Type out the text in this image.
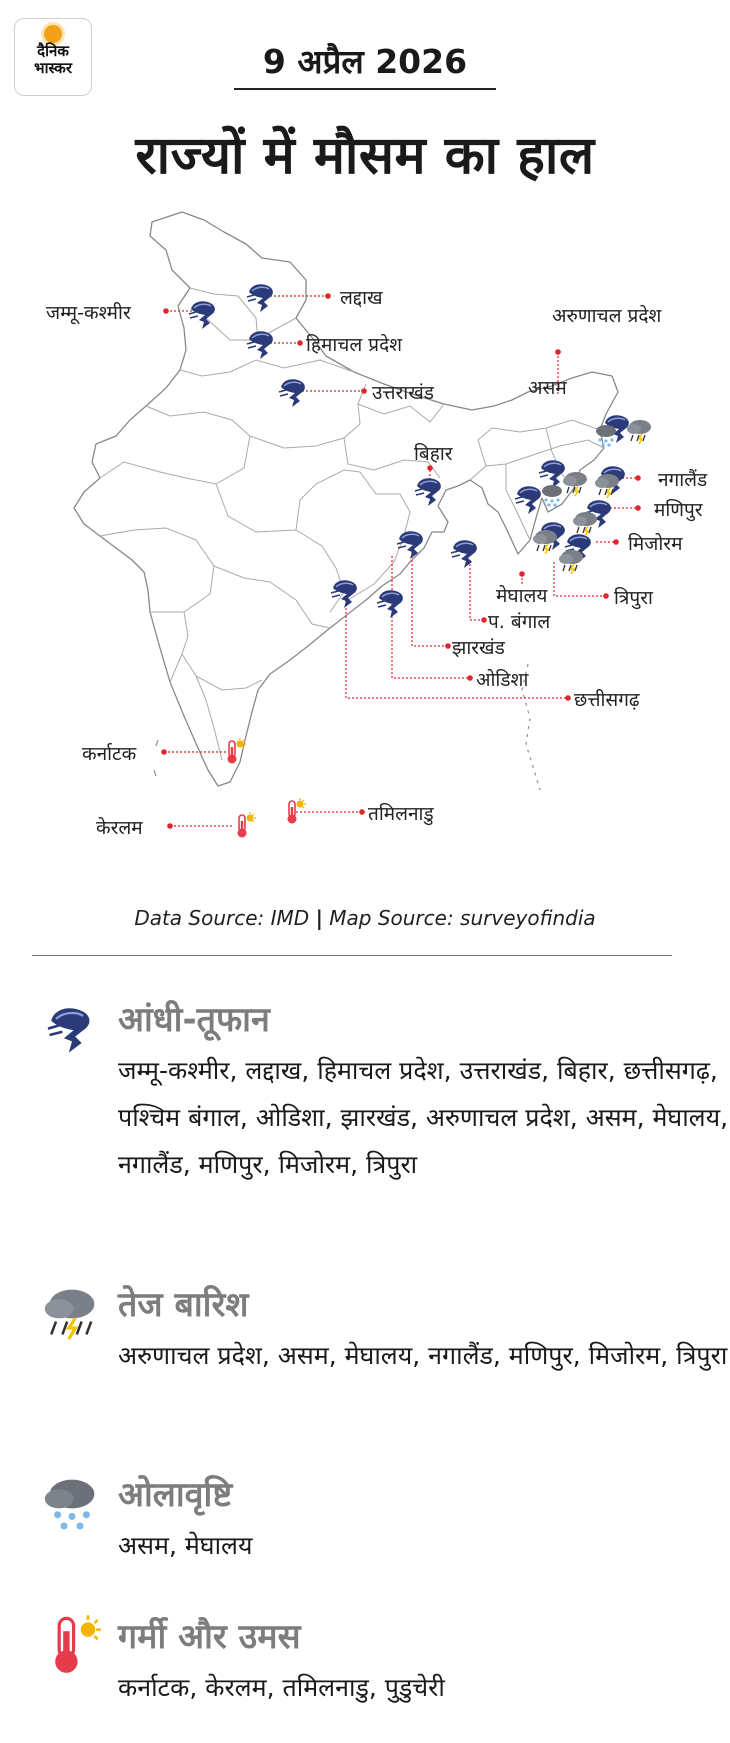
दैनिक
भास्कर	9 अप्रैल 2026
राज्यों में मौसम का हाल
जम्मू-कश्मीर
लद्दाख
हिमाचल प्रदेश
उत्तराखंड
बिहार
असम
अरुणाचल प्रदेश
नगालैंड
मणिपुर
मिजोरम
त्रिपुरा
मेघालय
प. बंगाल
झारखंड
ओडिशा
छत्तीसगढ़
कर्नाटक
केरलम
तमिलनाडु
Data Source: IMD | Map Source: surveyofindia
आंधी-तूफान
जम्मू-कश्मीर, लद्दाख, हिमाचल प्रदेश, उत्तराखंड, बिहार, छत्तीसगढ़, पश्चिम बंगाल, ओडिशा, झारखंड, अरुणाचल प्रदेश, असम, मेघालय, नगालैंड, मणिपुर, मिजोरम, त्रिपुरा
तेज बारिश
अरुणाचल प्रदेश, असम, मेघालय, नगालैंड, मणिपुर, मिजोरम, त्रिपुरा
ओलावृष्टि
असम, मेघालय
गर्मी और उमस
कर्नाटक, केरलम, तमिलनाडु, पुडुचेरी
